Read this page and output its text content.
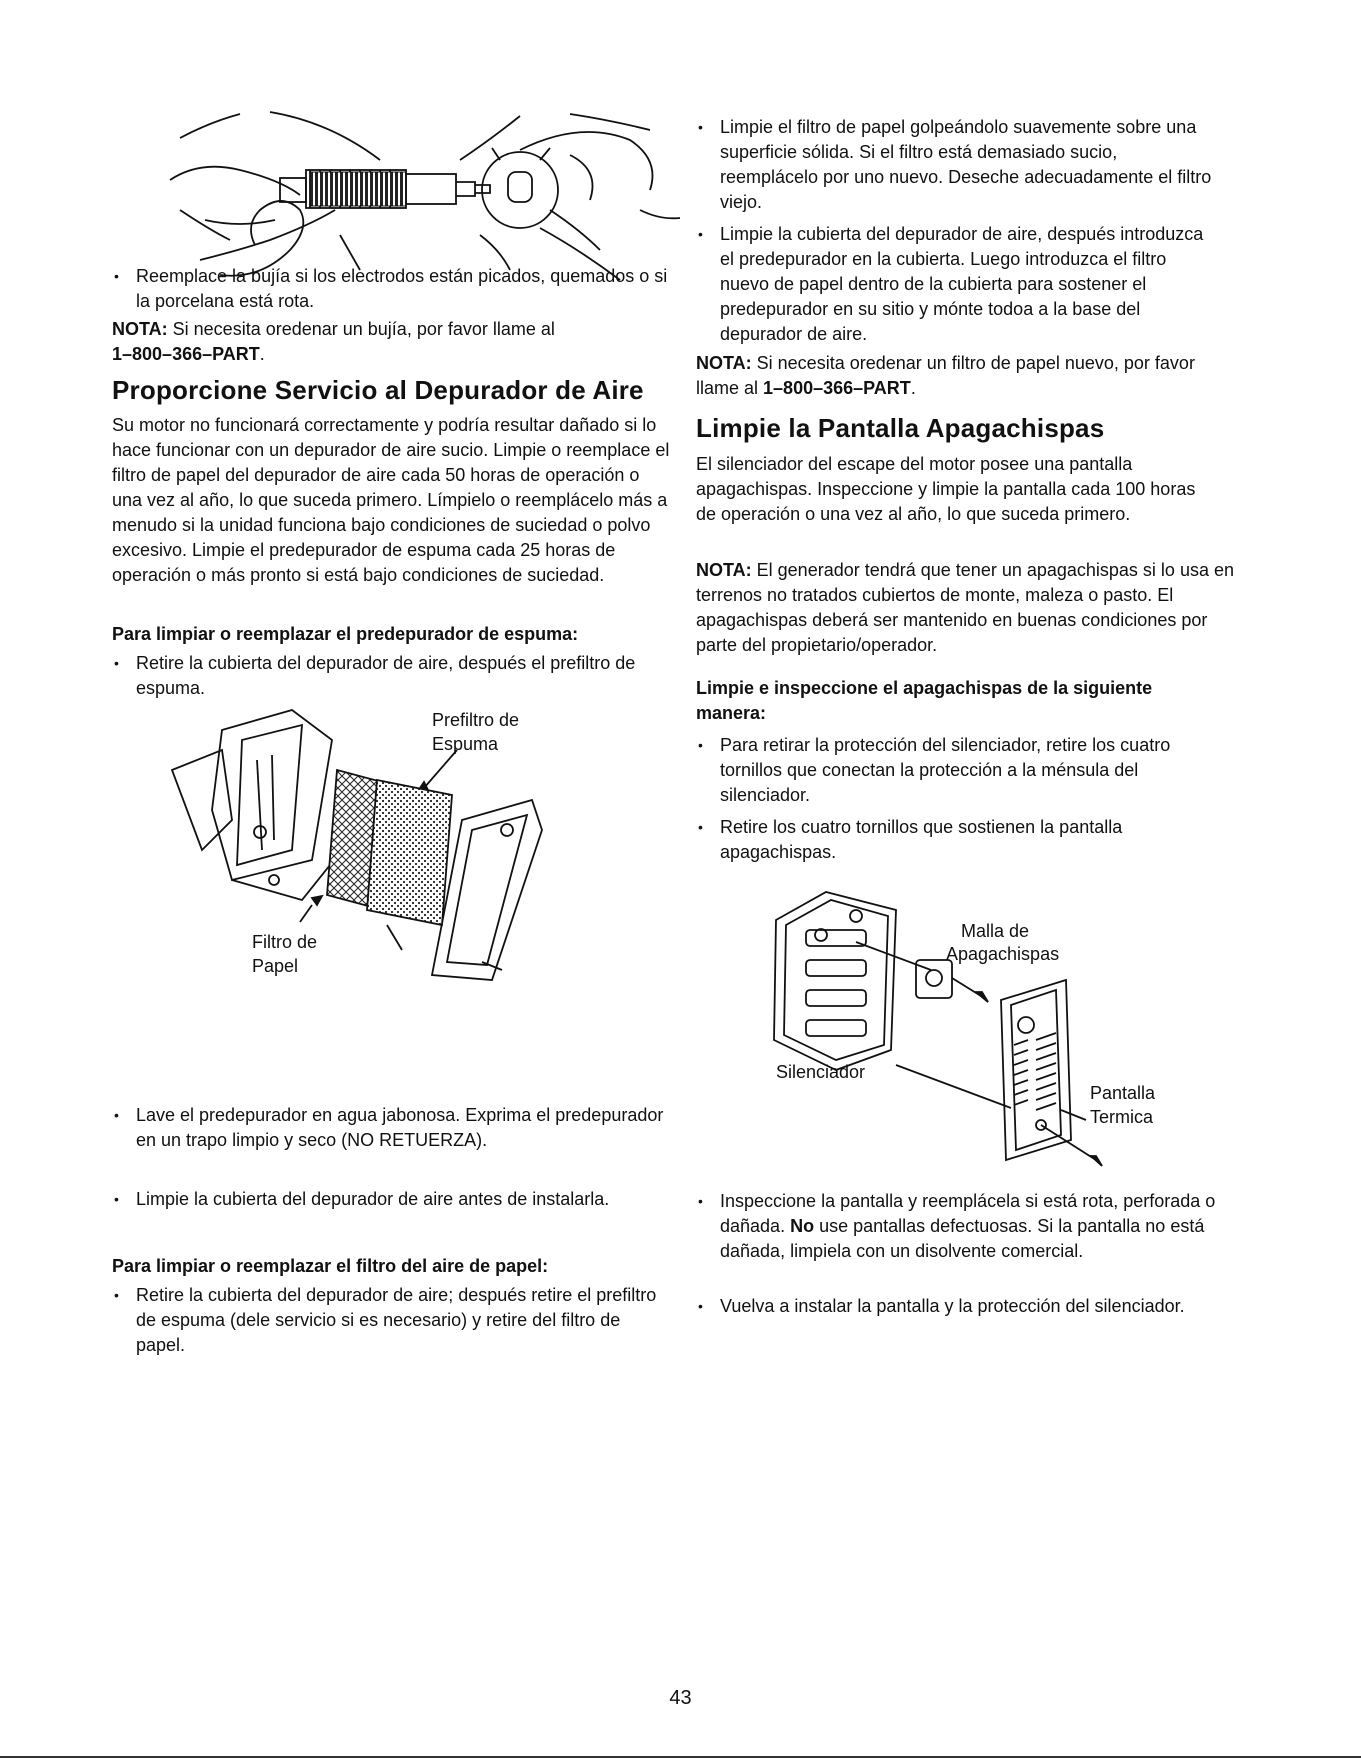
• Reemplace la bujía si los electrodos están picados, quemados o si la porcelana está rota.

NOTA: Si necesita oredenar un bujía, por favor llame al
1–800–366–PART.

Proporcione Servicio al Depurador de Aire

Su motor no funcionará correctamente y podría resultar dañado si lo hace funcionar con un depurador de aire sucio. Limpie o reemplace el filtro de papel del depurador de aire cada 50 horas de operación o una vez al año, lo que suceda primero. Límpielo o reemplácelo más a menudo si la unidad funciona bajo condiciones de suciedad o polvo excesivo. Limpie el predepurador de espuma cada 25 horas de operación o más pronto si está bajo condiciones de suciedad.

Para limpiar o reemplazar el predepurador de espuma:

• Retire la cubierta del depurador de aire, después el prefiltro de espuma.

Prefiltro de
Espuma
Filtro de
Papel

• Lave el predepurador en agua jabonosa. Exprima el predepurador en un trapo limpio y seco (NO RETUERZA).

• Limpie la cubierta del depurador de aire antes de instalarla.

Para limpiar o reemplazar el filtro del aire de papel:

• Retire la cubierta del depurador de aire; después retire el prefiltro de espuma (dele servicio si es necesario) y retire del filtro de papel.

• Limpie el filtro de papel golpeándolo suavemente sobre una superficie sólida. Si el filtro está demasiado sucio, reemplácelo por uno nuevo. Deseche adecuadamente el filtro viejo.

• Limpie la cubierta del depurador de aire, después introduzca el predepurador en la cubierta. Luego introduzca el filtro nuevo de papel dentro de la cubierta para sostener el predepurador en su sitio y mónte todoa a la base del depurador de aire.

NOTA: Si necesita oredenar un filtro de papel nuevo, por favor llame al 1–800–366–PART.

Limpie la Pantalla Apagachispas

El silenciador del escape del motor posee una pantalla apagachispas. Inspeccione y limpie la pantalla cada 100 horas de operación o una vez al año, lo que suceda primero.

NOTA: El generador tendrá que tener un apagachispas si lo usa en terrenos no tratados cubiertos de monte, maleza o pasto. El apagachispas deberá ser mantenido en buenas condiciones por parte del propietario/operador.

Limpie e inspeccione el apagachispas de la siguiente manera:

• Para retirar la protección del silenciador, retire los cuatro tornillos que conectan la protección a la ménsula del silenciador.

• Retire los cuatro tornillos que sostienen la pantalla apagachispas.

Malla de
Apagachispas
Silenciador
Pantalla
Termica

• Inspeccione la pantalla y reemplácela si está rota, perforada o dañada. No use pantallas defectuosas. Si la pantalla no está dañada, limpiela con un disolvente comercial.

• Vuelva a instalar la pantalla y la protección del silenciador.

43
